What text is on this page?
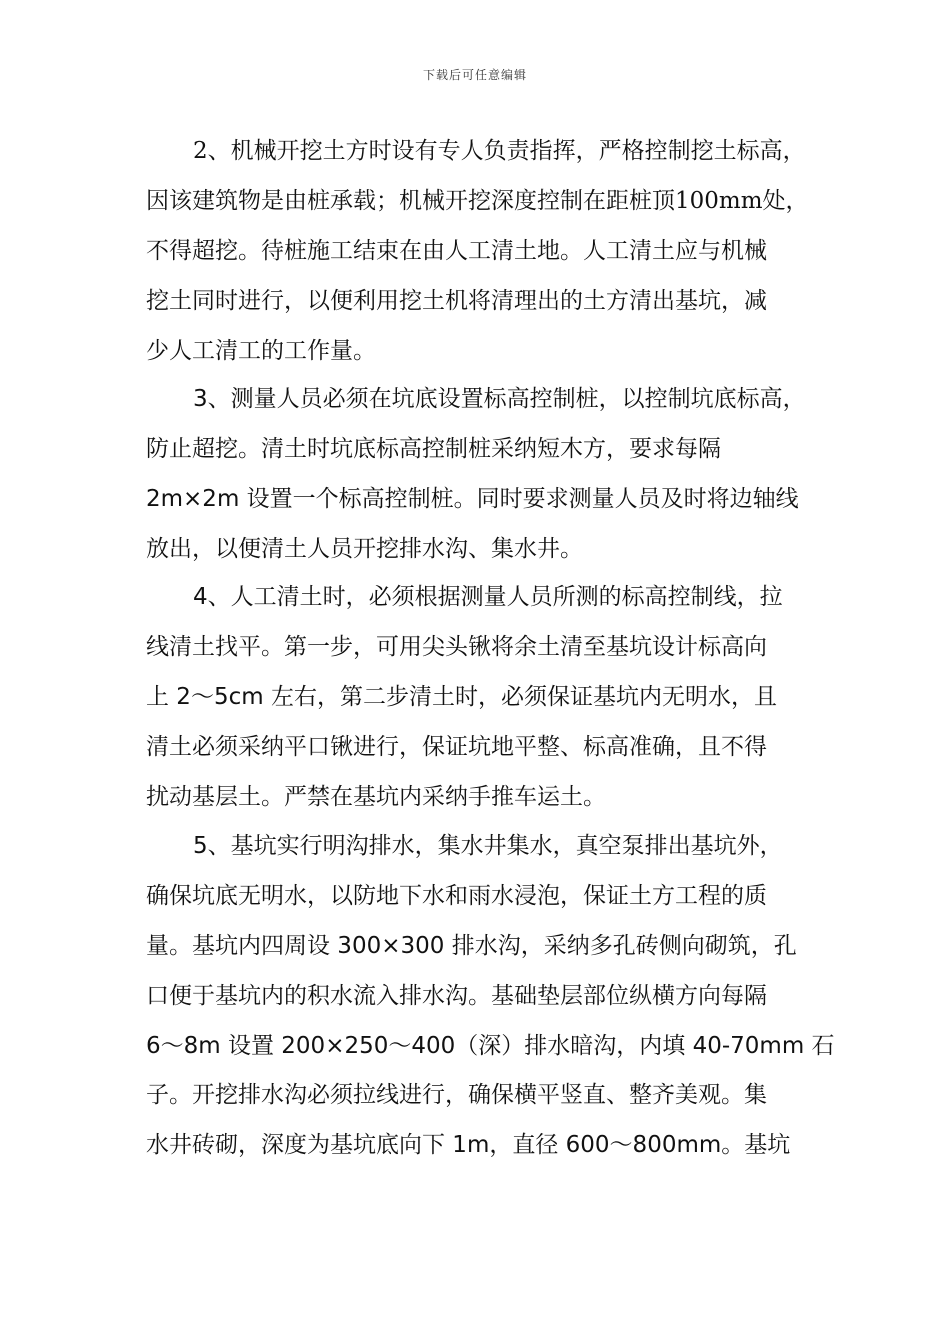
下载后可任意编辑
2、机械开挖土方时设有专人负责指挥，严格控制挖土标高，
因该建筑物是由桩承载；机械开挖深度控制在距桩顶100mm处，
不得超挖。待桩施工结束在由人工清土地。人工清土应与机械
挖土同时进行，以便利用挖土机将清理出的土方清出基坑，减
少人工清工的工作量。
3、测量人员必须在坑底设置标高控制桩，以控制坑底标高，
防止超挖。清土时坑底标高控制桩采纳短木方，要求每隔
2m×2m 设置一个标高控制桩。同时要求测量人员及时将边轴线
放出，以便清土人员开挖排水沟、集水井。
4、人工清土时，必须根据测量人员所测的标高控制线，拉
线清土找平。第一步，可用尖头锹将余土清至基坑设计标高向
上 2～5cm 左右，第二步清土时，必须保证基坑内无明水，且
清土必须采纳平口锹进行，保证坑地平整、标高准确，且不得
扰动基层土。严禁在基坑内采纳手推车运土。
5、基坑实行明沟排水，集水井集水，真空泵排出基坑外，
确保坑底无明水，以防地下水和雨水浸泡，保证土方工程的质
量。基坑内四周设 300×300 排水沟，采纳多孔砖侧向砌筑，孔
口便于基坑内的积水流入排水沟。基础垫层部位纵横方向每隔
6～8m 设置 200×250～400（深）排水暗沟，内填 40-70mm 石
子。开挖排水沟必须拉线进行，确保横平竖直、整齐美观。集
水井砖砌，深度为基坑底向下 1m，直径 600～800mm。基坑
